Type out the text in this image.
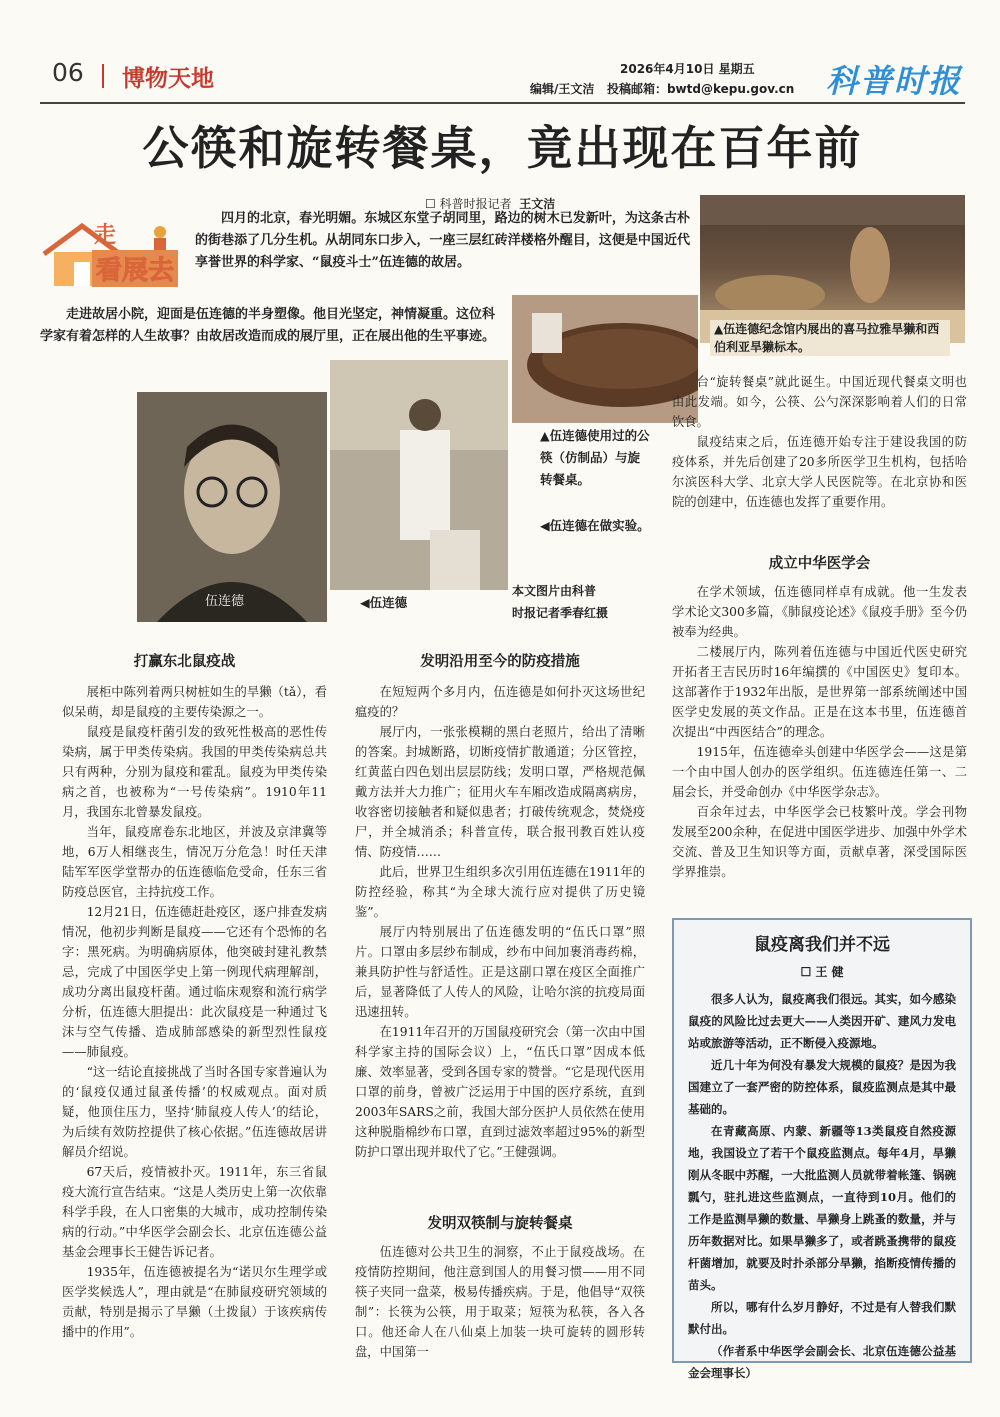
06 博物天地	2026年4月10日 星期五
编辑/王文洁 投稿邮箱：bwtd@kepu.gov.cn 科普时报
公筷和旋转餐桌，竟出现在百年前
☐ 科普时报记者 王文洁
走
看展去

四月的北京，春光明媚。东城区东堂子胡同里，路边的树木已发新叶，为这条古朴的街巷添了几分生机。从胡同东口步入，一座三层红砖洋楼格外醒目，这便是中国近代享誉世界的科学家、“鼠疫斗士”伍连德的故居。

走进故居小院，迎面是伍连德的半身塑像。他目光坚定，神情凝重。这位科学家有着怎样的人生故事？由故居改造而成的展厅里，正在展出他的生平事迹。	▲伍连德纪念馆内展出的喜马拉雅旱獭和西伯利亚旱獭标本。
▲伍连德使用过的公筷（仿制品）与旋转餐桌。
◀伍连德在做实验。
伍连德	◀伍连德
本文图片由科普
时报记者季春红摄
打赢东北鼠疫战

展柜中陈列着两只树桩如生的旱獭（tǎ），看似呆萌，却是鼠疫的主要传染源之一。

鼠疫是鼠疫杆菌引发的致死性极高的恶性传染病，属于甲类传染病。我国的甲类传染病总共只有两种，分别为鼠疫和霍乱。鼠疫为甲类传染病之首，也被称为“一号传染病”。1910年11月，我国东北曾暴发鼠疫。

当年，鼠疫席卷东北地区，并波及京津冀等地，6万人相继丧生，情况万分危急！时任天津陆军军医学堂帮办的伍连德临危受命，任东三省防疫总医官，主持抗疫工作。

12月21日，伍连德赶赴疫区，逐户排查发病情况，他初步判断是鼠疫——它还有个恐怖的名字：黑死病。为明确病原体，他突破封建礼教禁忌，完成了中国医学史上第一例现代病理解剖，成功分离出鼠疫杆菌。通过临床观察和流行病学分析，伍连德大胆提出：此次鼠疫是一种通过飞沫与空气传播、造成肺部感染的新型烈性鼠疫——肺鼠疫。

“这一结论直接挑战了当时各国专家普遍认为的‘鼠疫仅通过鼠蚤传播’的权威观点。面对质疑，他顶住压力，坚持‘肺鼠疫人传人’的结论，为后续有效防控提供了核心依据。”伍连德故居讲解员介绍说。

67天后，疫情被扑灭。1911年，东三省鼠疫大流行宣告结束。“这是人类历史上第一次依靠科学手段，在人口密集的大城市，成功控制传染病的行动。”中华医学会副会长、北京伍连德公益基金会理事长王健告诉记者。

1935年，伍连德被提名为“诺贝尔生理学或医学奖候选人”，理由就是“在肺鼠疫研究领域的贡献，特别是揭示了旱獭（土拨鼠）于该疾病传播中的作用”。

发明沿用至今的防疫措施

在短短两个多月内，伍连德是如何扑灭这场世纪瘟疫的？

展厅内，一张张模糊的黑白老照片，给出了清晰的答案。封城断路，切断疫情扩散通道；分区管控，红黄蓝白四色划出层层防线；发明口罩，严格规范佩戴方法并大力推广；征用火车车厢改造成隔离病房，收容密切接触者和疑似患者；打破传统观念，焚烧疫尸，并全城消杀；科普宣传，联合报刊教百姓认疫情、防疫情……

此后，世界卫生组织多次引用伍连德在1911年的防控经验，称其“为全球大流行应对提供了历史镜鉴”。

展厅内特别展出了伍连德发明的“伍氏口罩”照片。口罩由多层纱布制成，纱布中间加裹消毒药棉，兼具防护性与舒适性。正是这副口罩在疫区全面推广后，显著降低了人传人的风险，让哈尔滨的抗疫局面迅速扭转。

在1911年召开的万国鼠疫研究会（第一次由中国科学家主持的国际会议）上，“伍氏口罩”因成本低廉、效率显著，受到各国专家的赞誉。“它是现代医用口罩的前身，曾被广泛运用于中国的医疗系统，直到2003年SARS之前，我国大部分医护人员依然在使用这种脱脂棉纱布口罩，直到过滤效率超过95%的新型防护口罩出现并取代了它。”王健强调。

发明双筷制与旋转餐桌

伍连德对公共卫生的洞察，不止于鼠疫战场。在疫情防控期间，他注意到国人的用餐习惯——用不同筷子夹同一盘菜，极易传播疾病。于是，他倡导“双筷制”：长筷为公筷，用于取菜；短筷为私筷，各入各口。他还命人在八仙桌上加装一块可旋转的圆形转盘，中国第一

台“旋转餐桌”就此诞生。中国近现代餐桌文明也由此发端。如今，公筷、公勺深深影响着人们的日常饮食。

鼠疫结束之后，伍连德开始专注于建设我国的防疫体系，并先后创建了20多所医学卫生机构，包括哈尔滨医科大学、北京大学人民医院等。在北京协和医院的创建中，伍连德也发挥了重要作用。

成立中华医学会

在学术领域，伍连德同样卓有成就。他一生发表学术论文300多篇，《肺鼠疫论述》《鼠疫手册》至今仍被奉为经典。

二楼展厅内，陈列着伍连德与中国近代医史研究开拓者王吉民历时16年编撰的《中国医史》复印本。这部著作于1932年出版，是世界第一部系统阐述中国医学史发展的英文作品。正是在这本书里，伍连德首次提出“中西医结合”的理念。

1915年，伍连德牵头创建中华医学会——这是第一个由中国人创办的医学组织。伍连德连任第一、二届会长，并受命创办《中华医学杂志》。

百余年过去，中华医学会已枝繁叶茂。学会刊物发展至200余种，在促进中国医学进步、加强中外学术交流、普及卫生知识等方面，贡献卓著，深受国际医学界推崇。

鼠疫离我们并不远
☐ 王 健

很多人认为，鼠疫离我们很远。其实，如今感染鼠疫的风险比过去更大——人类因开矿、建风力发电站或旅游等活动，正不断侵入疫源地。

近几十年为何没有暴发大规模的鼠疫？是因为我国建立了一套严密的防控体系，鼠疫监测点是其中最基础的。

在青藏高原、内蒙、新疆等13类鼠疫自然疫源地，我国设立了若干个鼠疫监测点。每年4月，旱獭刚从冬眠中苏醒，一大批监测人员就带着帐篷、锅碗瓢勺，驻扎进这些监测点，一直待到10月。他们的工作是监测旱獭的数量、旱獭身上跳蚤的数量，并与历年数据对比。如果旱獭多了，或者跳蚤携带的鼠疫杆菌增加，就要及时扑杀部分旱獭，掐断疫情传播的苗头。

所以，哪有什么岁月静好，不过是有人替我们默默付出。

（作者系中华医学会副会长、北京伍连德公益基金会理事长）
